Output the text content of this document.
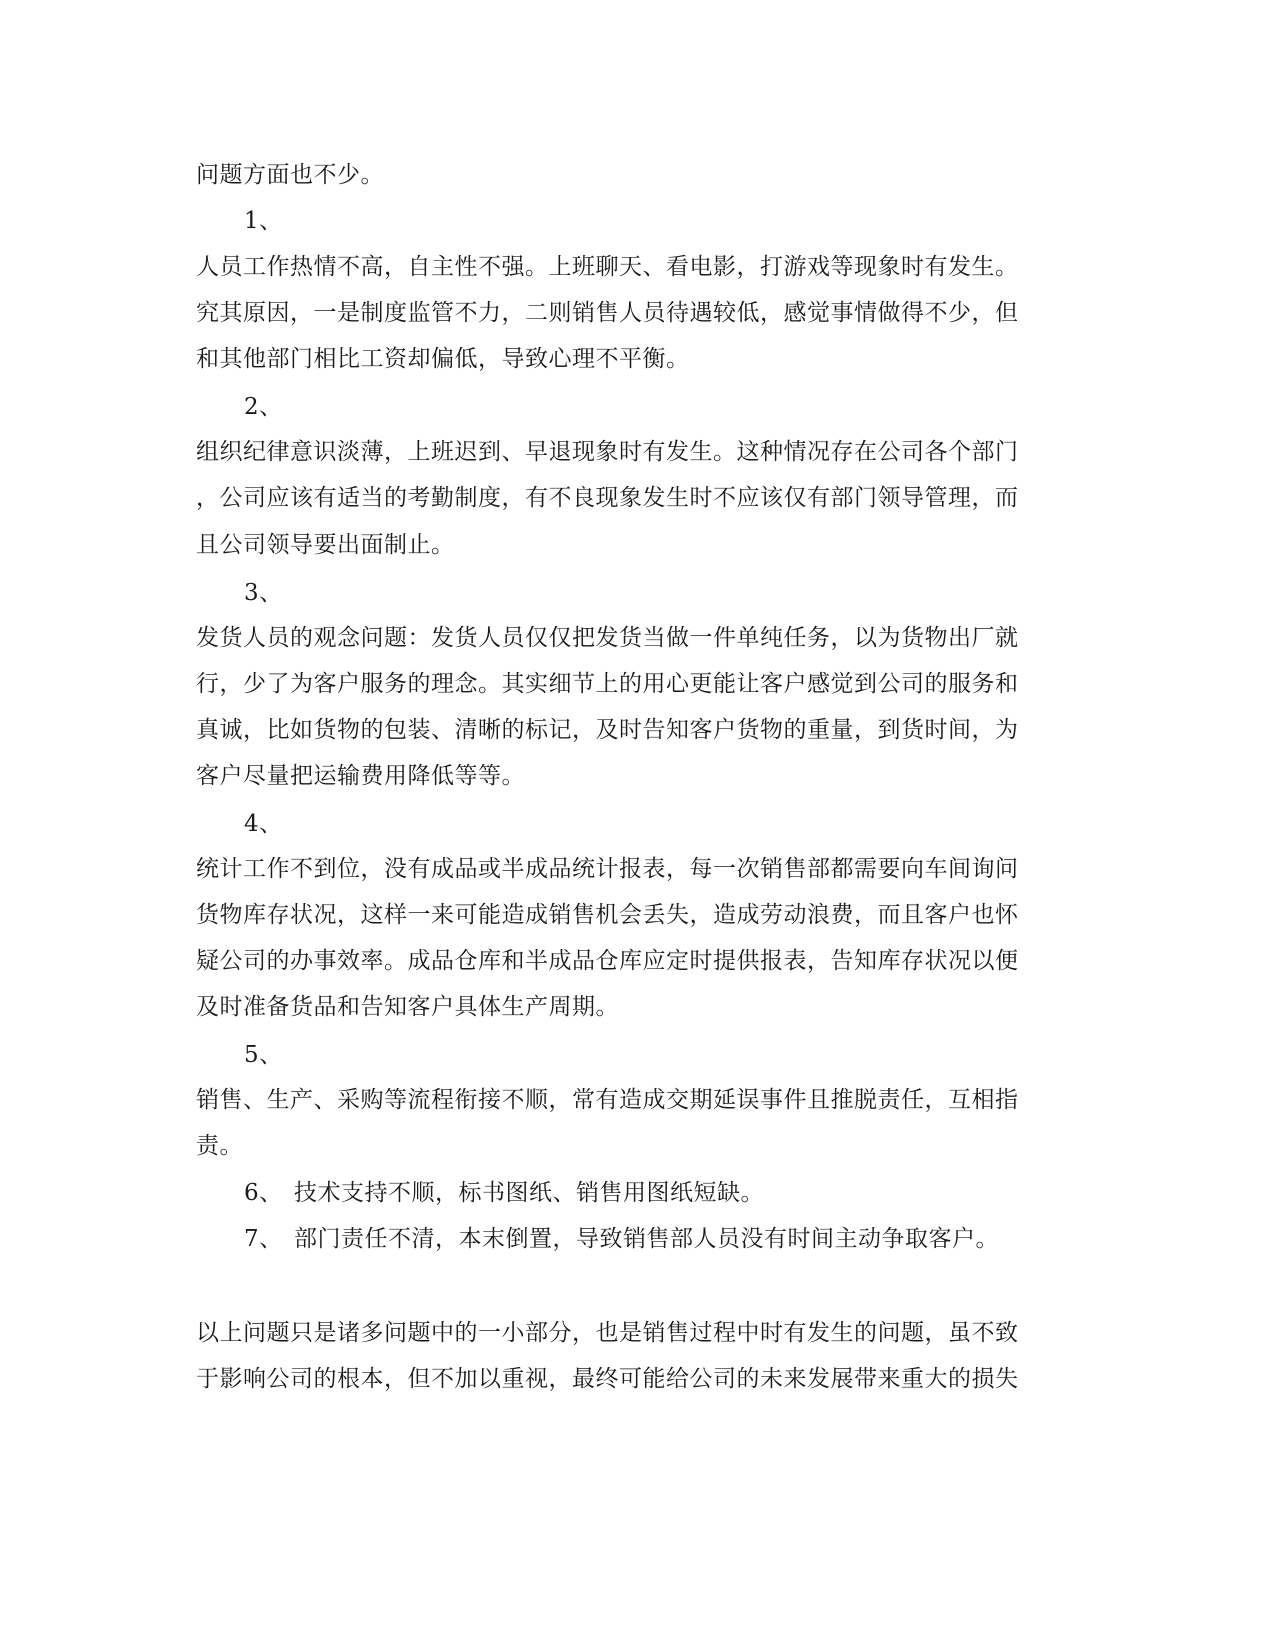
问题方面也不少。
1、
人员工作热情不高，自主性不强。上班聊天、看电影，打游戏等现象时有发生。
究其原因，一是制度监管不力，二则销售人员待遇较低，感觉事情做得不少，但
和其他部门相比工资却偏低，导致心理不平衡。
2、
组织纪律意识淡薄，上班迟到、早退现象时有发生。这种情况存在公司各个部门
，公司应该有适当的考勤制度，有不良现象发生时不应该仅有部门领导管理，而
且公司领导要出面制止。
3、
发货人员的观念问题：发货人员仅仅把发货当做一件单纯任务，以为货物出厂就
行，少了为客户服务的理念。其实细节上的用心更能让客户感觉到公司的服务和
真诚，比如货物的包装、清晰的标记，及时告知客户货物的重量，到货时间，为
客户尽量把运输费用降低等等。
4、
统计工作不到位，没有成品或半成品统计报表，每一次销售部都需要向车间询问
货物库存状况，这样一来可能造成销售机会丢失，造成劳动浪费，而且客户也怀
疑公司的办事效率。成品仓库和半成品仓库应定时提供报表，告知库存状况以便
及时准备货品和告知客户具体生产周期。
5、
销售、生产、采购等流程衔接不顺，常有造成交期延误事件且推脱责任，互相指
责。
6、 技术支持不顺，标书图纸、销售用图纸短缺。
7、 部门责任不清，本末倒置，导致销售部人员没有时间主动争取客户。
以上问题只是诸多问题中的一小部分，也是销售过程中时有发生的问题，虽不致
于影响公司的根本，但不加以重视，最终可能给公司的未来发展带来重大的损失
